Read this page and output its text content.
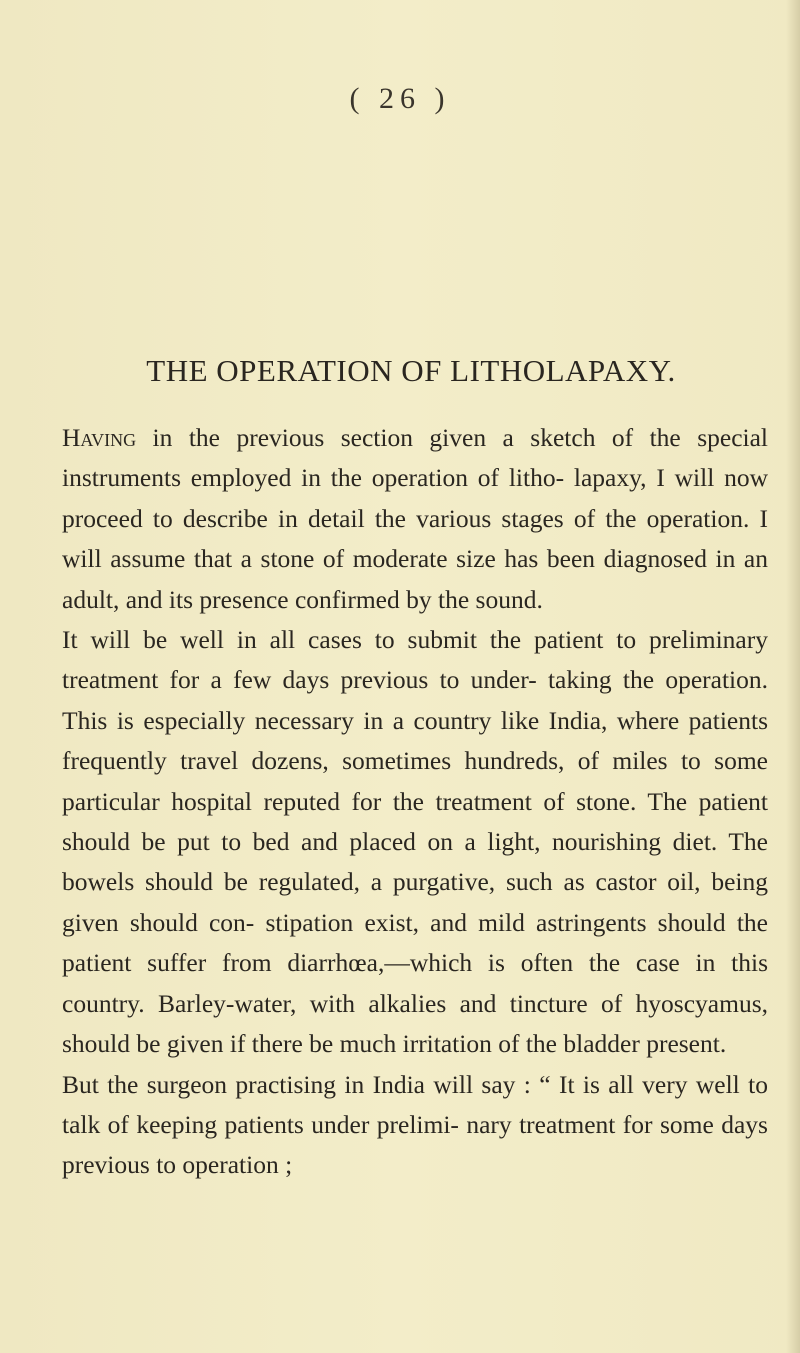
( 26 )
THE OPERATION OF LITHOLAPAXY.

Having in the previous section given a sketch of the special instruments employed in the operation of litho- lapaxy, I will now proceed to describe in detail the various stages of the operation. I will assume that a stone of moderate size has been diagnosed in an adult, and its presence confirmed by the sound.

It will be well in all cases to submit the patient to preliminary treatment for a few days previous to under- taking the operation. This is especially necessary in a country like India, where patients frequently travel dozens, sometimes hundreds, of miles to some particular hospital reputed for the treatment of stone. The patient should be put to bed and placed on a light, nourishing diet. The bowels should be regulated, a purgative, such as castor oil, being given should con- stipation exist, and mild astringents should the patient suffer from diarrhœa,—which is often the case in this country. Barley-water, with alkalies and tincture of hyoscyamus, should be given if there be much irritation of the bladder present.

But the surgeon practising in India will say : “ It is all very well to talk of keeping patients under prelimi- nary treatment for some days previous to operation ;
